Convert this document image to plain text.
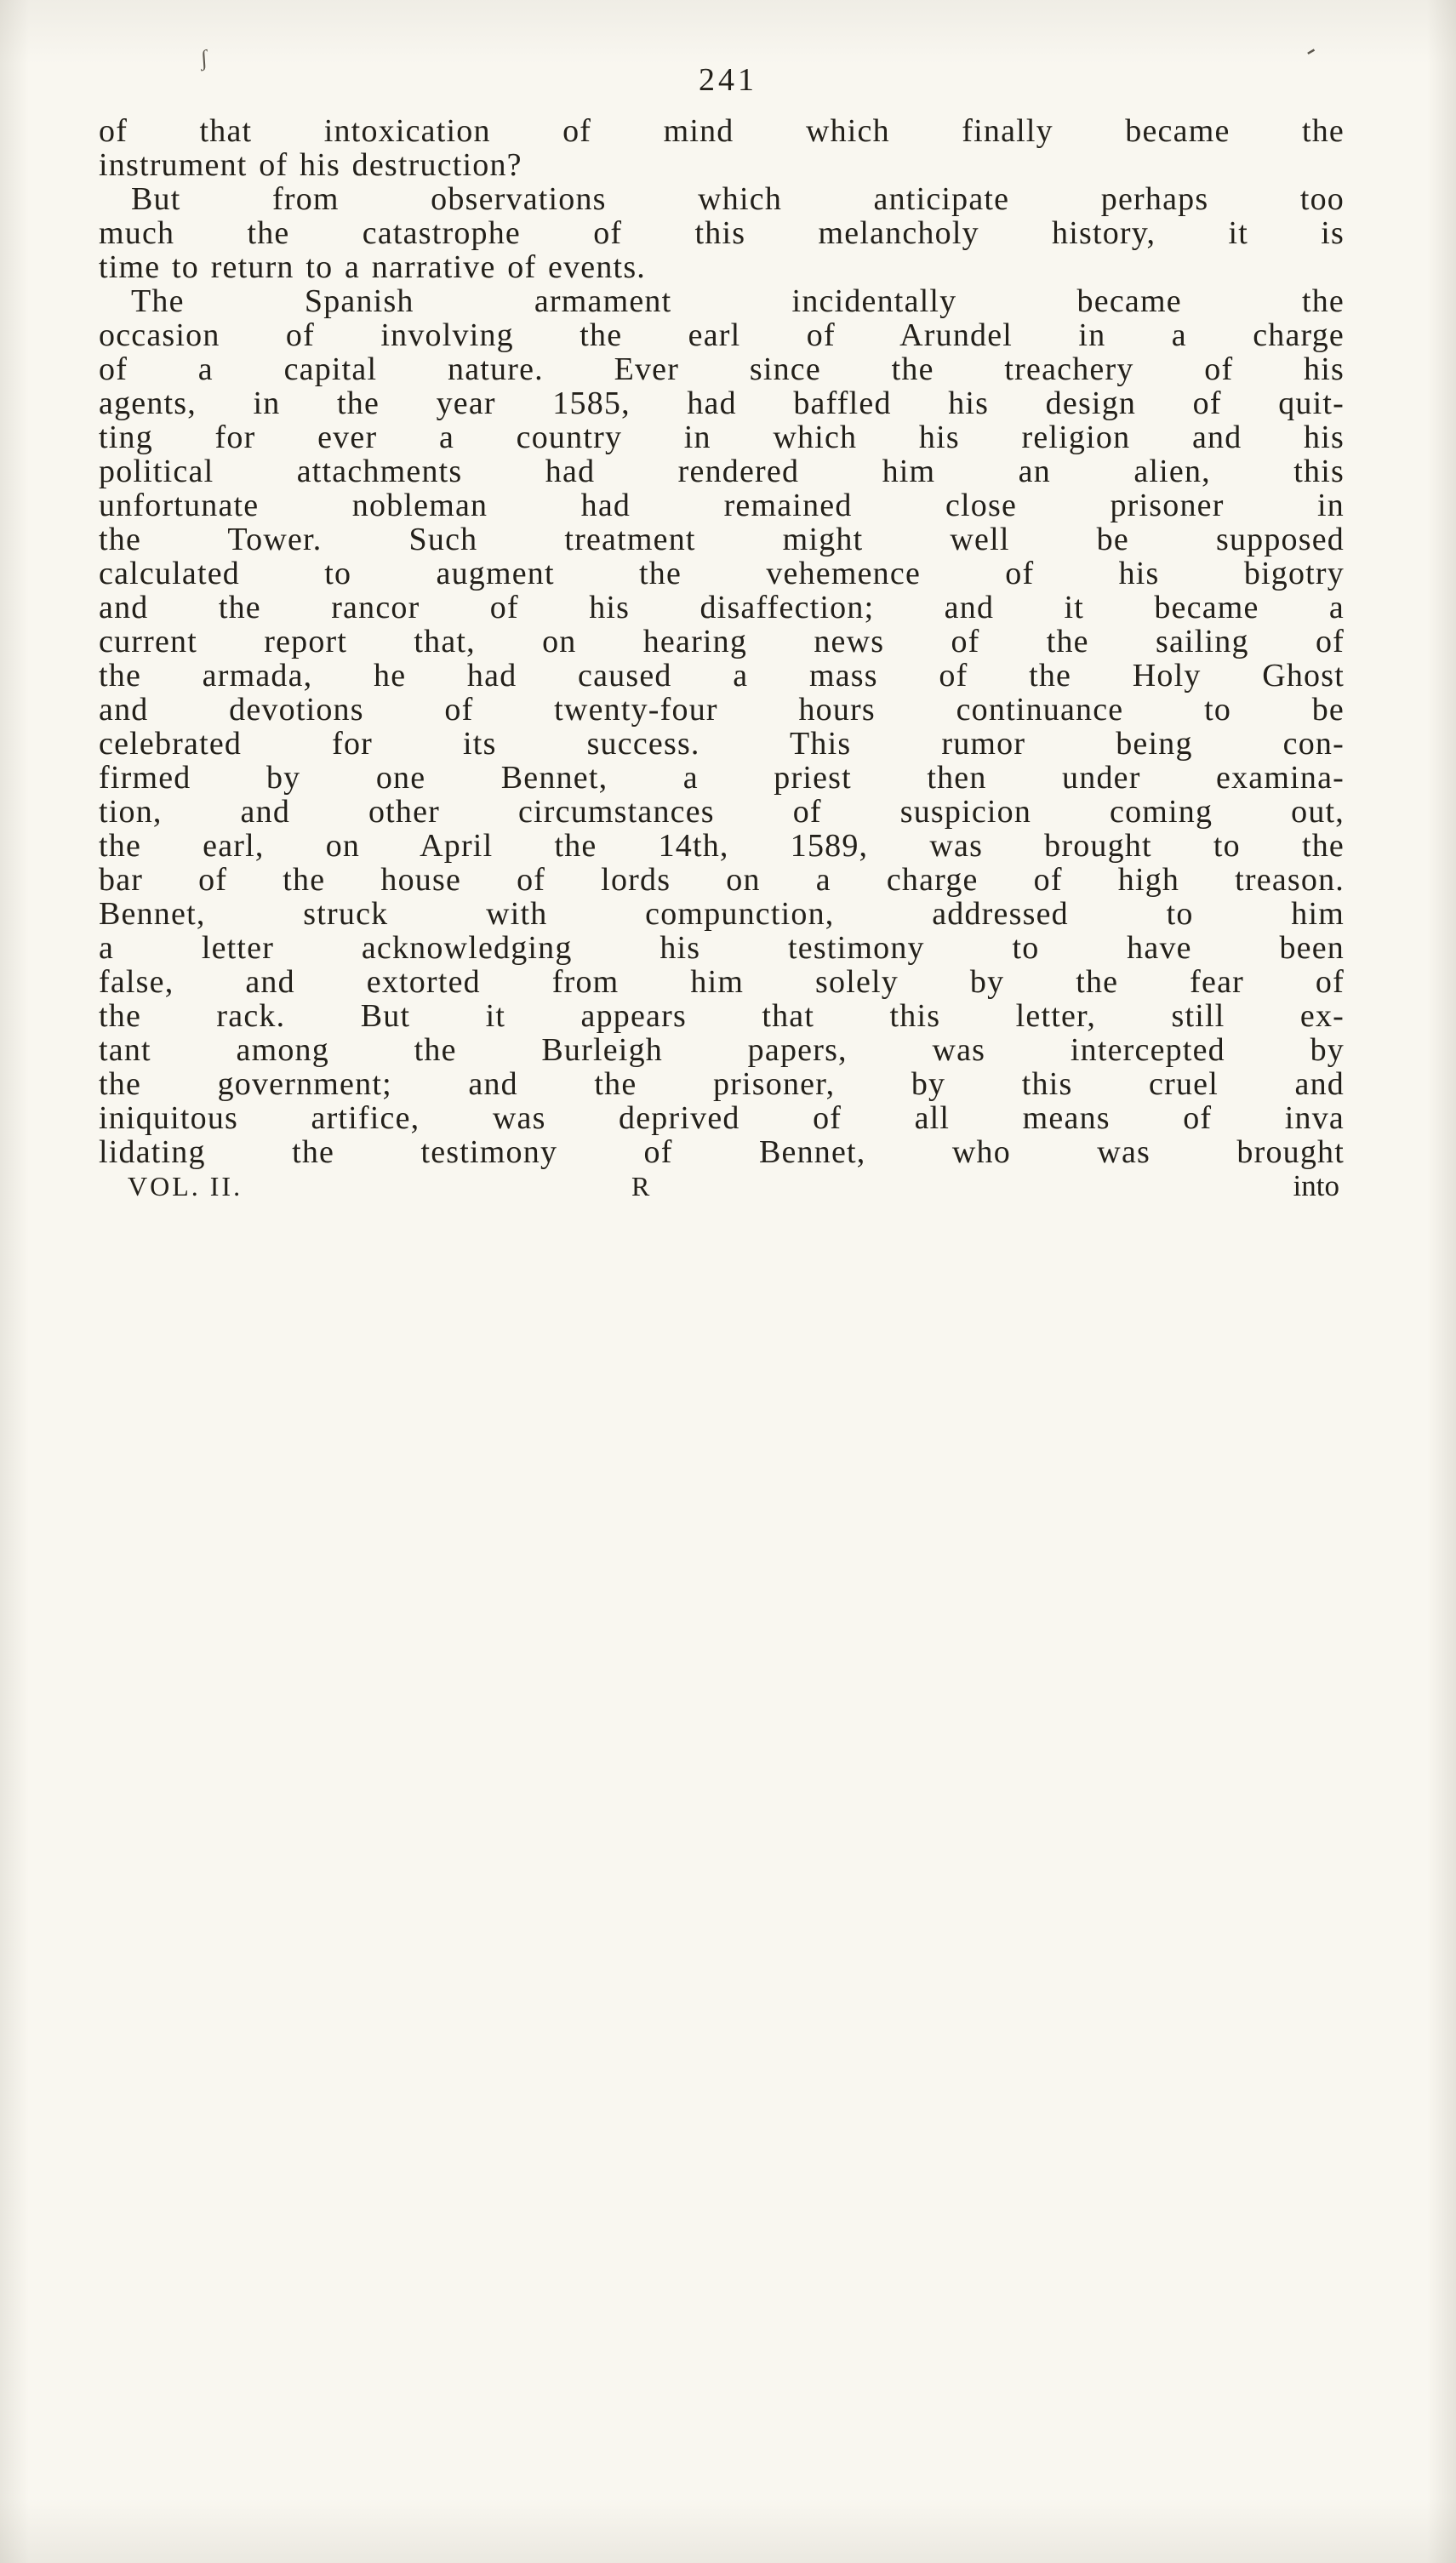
ʃ	-
241
of that intoxication of mind which finally became the
instrument of his destruction?
But from observations which anticipate perhaps too
much the catastrophe of this melancholy history, it is
time to return to a narrative of events.
The Spanish armament incidentally became the
occasion of involving the earl of Arundel in a charge
of a capital nature. Ever since the treachery of his
agents, in the year 1585, had baffled his design of quit-
ting for ever a country in which his religion and his
political attachments had rendered him an alien, this
unfortunate nobleman had remained close prisoner in
the Tower. Such treatment might well be supposed
calculated to augment the vehemence of his bigotry
and the rancor of his disaffection; and it became a
current report that, on hearing news of the sailing of
the armada, he had caused a mass of the Holy Ghost
and devotions of twenty-four hours continuance to be
celebrated for its success. This rumor being con-
firmed by one Bennet, a priest then under examina-
tion, and other circumstances of suspicion coming out,
the earl, on April the 14th, 1589, was brought to the
bar of the house of lords on a charge of high treason.
Bennet, struck with compunction, addressed to him
a letter acknowledging his testimony to have been
false, and extorted from him solely by the fear of
the rack. But it appears that this letter, still ex-
tant among the Burleigh papers, was intercepted by
the government; and the prisoner, by this cruel and
iniquitous artifice, was deprived of all means of inva
lidating the testimony of Bennet, who was brought
VOL. II.	R	into
